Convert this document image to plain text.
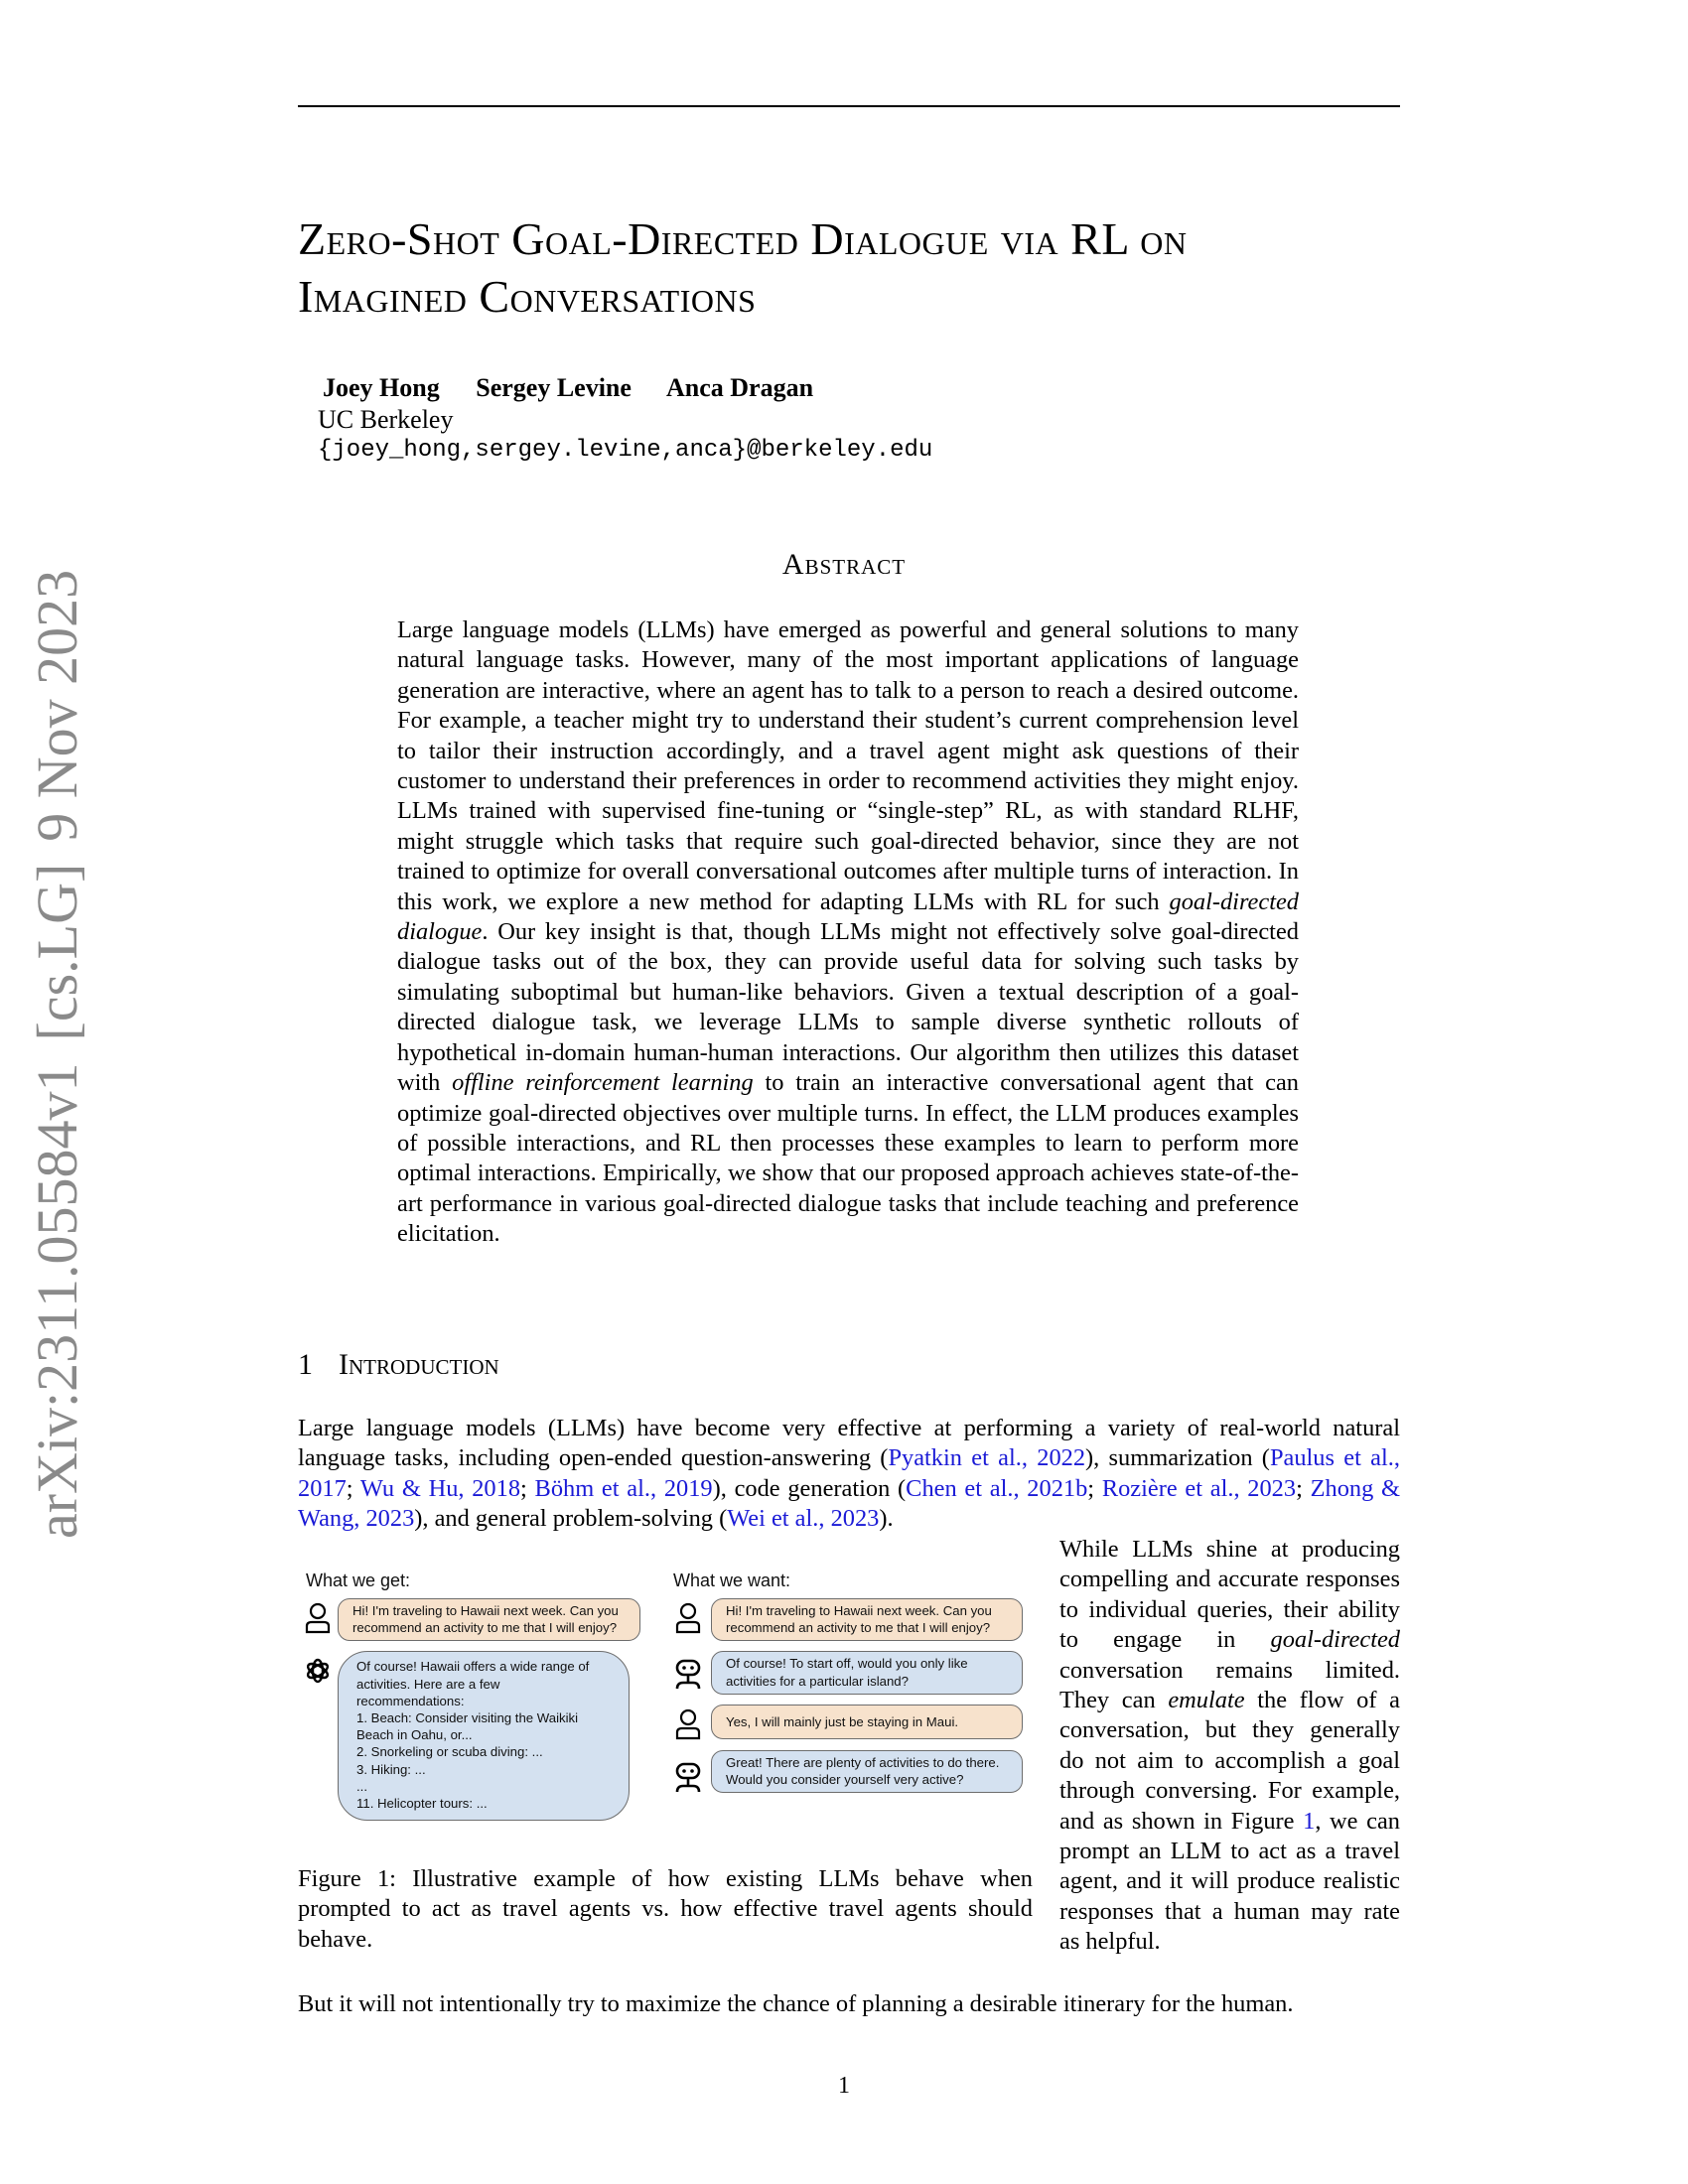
arXiv:2311.05584v1[cs.LG]9 Nov 2023
Zero-Shot Goal-Directed Dialogue via RL on
Imagined Conversations
Joey Hong Sergey Levine Anca Dragan
UC Berkeley
{joey_hong,sergey.levine,anca}@berkeley.edu
Abstract
Large language models (LLMs) have emerged as powerful and general solutions to many natural language tasks. However, many of the most important applications of language generation are interactive, where an agent has to talk to a person to reach a desired outcome. For example, a teacher might try to understand their student’s current comprehension level to tailor their instruction accordingly, and a travel agent might ask questions of their customer to understand their preferences in order to recommend activities they might enjoy. LLMs trained with supervised fine-tuning or “single-step” RL, as with standard RLHF, might struggle which tasks that require such goal-directed behavior, since they are not trained to optimize for overall conversational outcomes after multiple turns of interaction. In this work, we explore a new method for adapting LLMs with RL for such goal-directed dialogue. Our key insight is that, though LLMs might not effectively solve goal-directed dialogue tasks out of the box, they can provide useful data for solving such tasks by simulating suboptimal but human-like behaviors. Given a textual description of a goal-directed dialogue task, we leverage LLMs to sample diverse synthetic rollouts of hypothetical in-domain human-human interactions. Our algorithm then utilizes this dataset with offline reinforcement learning to train an interactive conversational agent that can optimize goal-directed objectives over multiple turns. In effect, the LLM produces examples of possible interactions, and RL then processes these examples to learn to perform more optimal interactions. Empirically, we show that our proposed approach achieves state-of-the-art performance in various goal-directed dialogue tasks that include teaching and preference elicitation.
1 Introduction
Large language models (LLMs) have become very effective at performing a variety of real-world natural language tasks, including open-ended question-answering (Pyatkin et al., 2022), summarization (Paulus et al., 2017; Wu & Hu, 2018; Böhm et al., 2019), code generation (Chen et al., 2021b; Rozière et al., 2023; Zhong & Wang, 2023), and general problem-solving (Wei et al., 2023).
What we get:
Hi! I'm traveling to Hawaii next week. Can you recommend an activity to me that I will enjoy?
Of course! Hawaii offers a wide range of activities. Here are a few recommendations:
1. Beach: Consider visiting the Waikiki Beach in Oahu, or...
2. Snorkeling or scuba diving: ...
3. Hiking: ...
...
11. Helicopter tours: ...
What we want:
Hi! I'm traveling to Hawaii next week. Can you recommend an activity to me that I will enjoy?
Of course! To start off, would you only like activities for a particular island?
Yes, I will mainly just be staying in Maui.
Great! There are plenty of activities to do there. Would you consider yourself very active?
Figure 1: Illustrative example of how existing LLMs behave when prompted to act as travel agents vs. how effective travel agents should behave.
While LLMs shine at producing compelling and accurate responses to individual queries, their ability to engage in goal-directed conversation remains limited. They can emulate the flow of a conversation, but they generally do not aim to accomplish a goal through conversing. For example, and as shown in Figure 1, we can prompt an LLM to act as a travel agent, and it will produce realistic responses that a human may rate as helpful.
But it will not intentionally try to maximize the chance of planning a desirable itinerary for the human.
1
